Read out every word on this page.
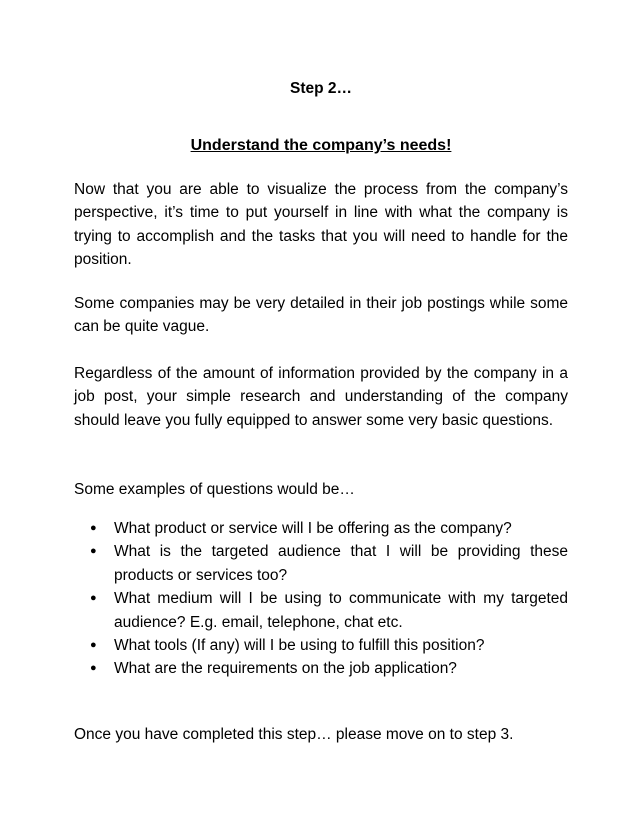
Step 2…

Understand the company’s needs!

Now that you are able to visualize the process from the company’s perspective, it’s time to put yourself in line with what the company is trying to accomplish and the tasks that you will need to handle for the position.

Some companies may be very detailed in their job postings while some can be quite vague.

Regardless of the amount of information provided by the company in a job post, your simple research and understanding of the company should leave you fully equipped to answer some very basic questions.

Some examples of questions would be…

● What product or service will I be offering as the company?
● What is the targeted audience that I will be providing these products or services too?
● What medium will I be using to communicate with my targeted audience? E.g. email, telephone, chat etc.
● What tools (If any) will I be using to fulfill this position?
● What are the requirements on the job application?

Once you have completed this step… please move on to step 3.
